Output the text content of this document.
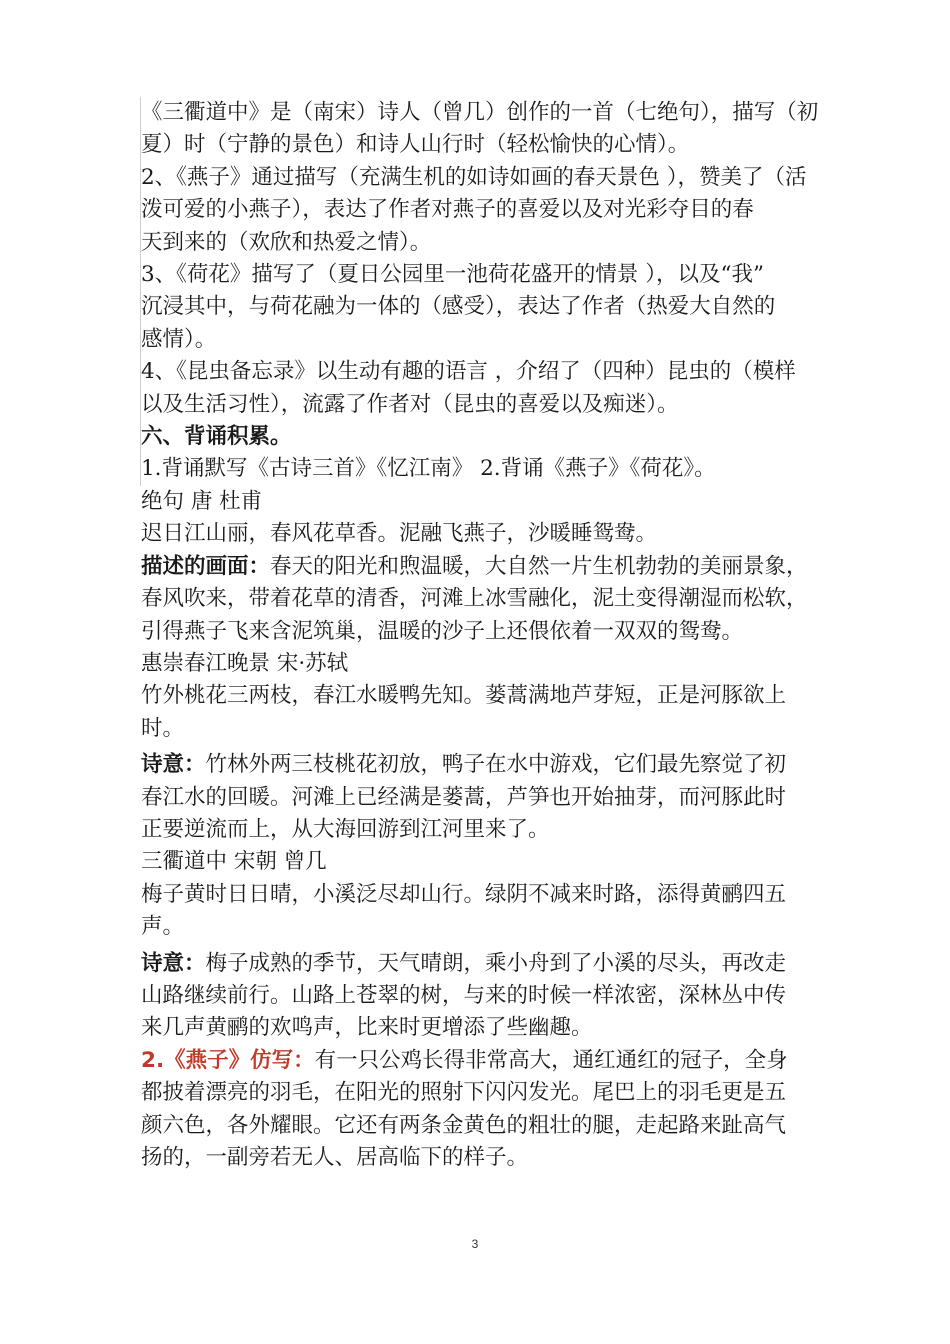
《三衢道中》是（南宋）诗人（曾几）创作的一首（七绝句），描写（初

夏）时（宁静的景色）和诗人山行时（轻松愉快的心情）。

2、《燕子》通过描写（充满生机的如诗如画的春天景色 ），赞美了（活

泼可爱的小燕子），表达了作者对燕子的喜爱以及对光彩夺目的春

天到来的（欢欣和热爱之情）。

3、《荷花》描写了（夏日公园里一池荷花盛开的情景 ），以及“我”

沉浸其中，与荷花融为一体的（感受），表达了作者（热爱大自然的

感情）。

4、《昆虫备忘录》以生动有趣的语言 ，介绍了（四种）昆虫的（模样

以及生活习性），流露了作者对（昆虫的喜爱以及痴迷）。

六、背诵积累。

1.背诵默写《古诗三首》《忆江南》 2.背诵《燕子》《荷花》。

绝句 唐 杜甫

迟日江山丽，春风花草香。泥融飞燕子，沙暖睡鸳鸯。

描述的画面：春天的阳光和煦温暖，大自然一片生机勃勃的美丽景象，

春风吹来，带着花草的清香，河滩上冰雪融化，泥土变得潮湿而松软，

引得燕子飞来含泥筑巢，温暖的沙子上还偎依着一双双的鸳鸯。

惠崇春江晚景 宋·苏轼

竹外桃花三两枝，春江水暖鸭先知。蒌蒿满地芦芽短，正是河豚欲上

时。

诗意：竹林外两三枝桃花初放，鸭子在水中游戏，它们最先察觉了初

春江水的回暖。河滩上已经满是蒌蒿，芦笋也开始抽芽，而河豚此时

正要逆流而上，从大海回游到江河里来了。

三衢道中 宋朝 曾几

梅子黄时日日晴，小溪泛尽却山行。绿阴不减来时路，添得黄鹂四五

声。

诗意：梅子成熟的季节，天气晴朗，乘小舟到了小溪的尽头，再改走

山路继续前行。山路上苍翠的树，与来的时候一样浓密，深林丛中传

来几声黄鹂的欢鸣声，比来时更增添了些幽趣。

2.《燕子》仿写：有一只公鸡长得非常高大，通红通红的冠子，全身

都披着漂亮的羽毛，在阳光的照射下闪闪发光。尾巴上的羽毛更是五

颜六色，各外耀眼。它还有两条金黄色的粗壮的腿，走起路来趾高气

扬的，一副旁若无人、居高临下的样子。

3
